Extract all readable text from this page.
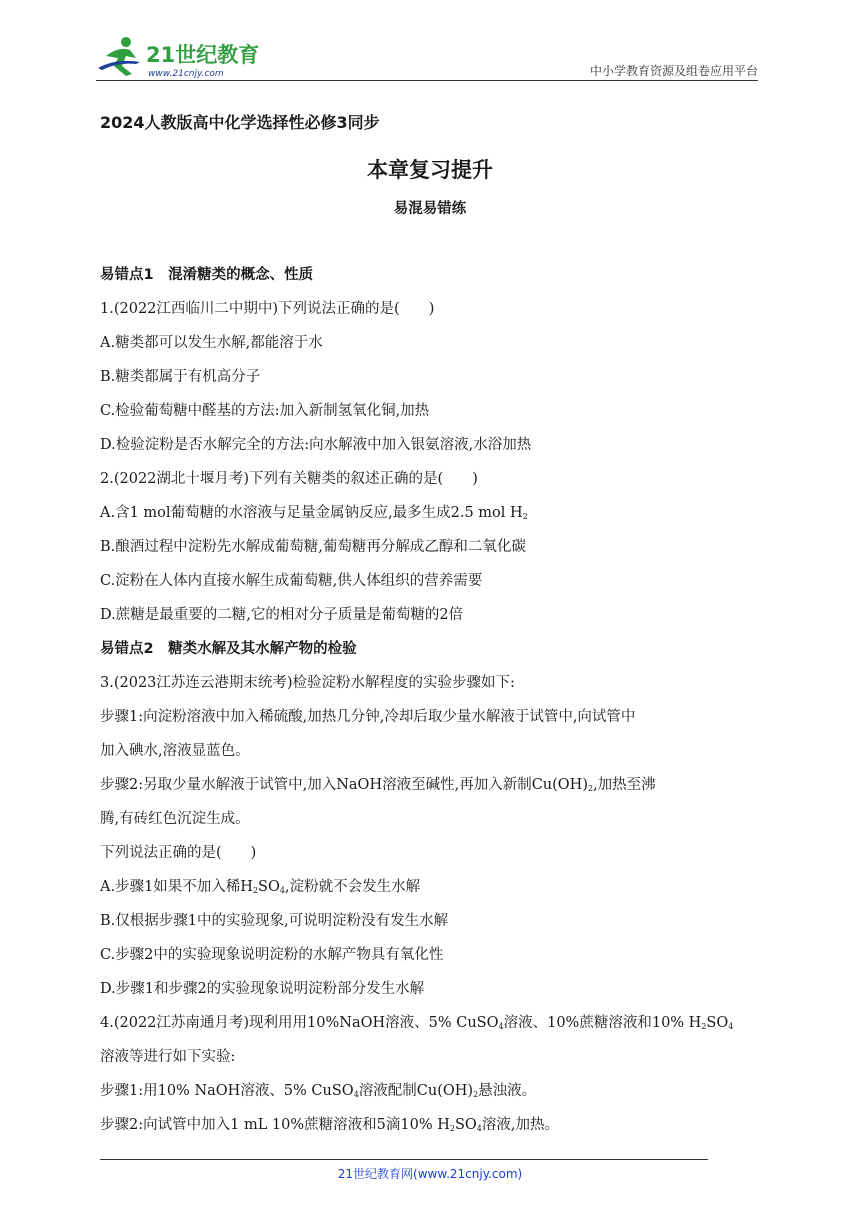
21世纪教育
www.21cnjy.com	中小学教育资源及组卷应用平台
2024人教版高中化学选择性必修3同步
本章复习提升
易混易错练
易错点1　混淆糖类的概念、性质
1.(2022江西临川二中期中)下列说法正确的是(　　)
A.糖类都可以发生水解,都能溶于水
B.糖类都属于有机高分子
C.检验葡萄糖中醛基的方法:加入新制氢氧化铜,加热
D.检验淀粉是否水解完全的方法:向水解液中加入银氨溶液,水浴加热
2.(2022湖北十堰月考)下列有关糖类的叙述正确的是(　　)
A.含1 mol葡萄糖的水溶液与足量金属钠反应,最多生成2.5 mol $H_2$
B.酿酒过程中淀粉先水解成葡萄糖,葡萄糖再分解成乙醇和二氧化碳
C.淀粉在人体内直接水解生成葡萄糖,供人体组织的营养需要
D.蔗糖是最重要的二糖,它的相对分子质量是葡萄糖的2倍
易错点2　糖类水解及其水解产物的检验
3.(2023江苏连云港期末统考)检验淀粉水解程度的实验步骤如下:
步骤1:向淀粉溶液中加入稀硫酸,加热几分钟,冷却后取少量水解液于试管中,向试管中
加入碘水,溶液显蓝色。
步骤2:另取少量水解液于试管中,加入NaOH溶液至碱性,再加入新制$Cu(OH)_2$,加热至沸
腾,有砖红色沉淀生成。
下列说法正确的是(　　)
A.步骤1如果不加入稀$H_2SO_4$,淀粉就不会发生水解
B.仅根据步骤1中的实验现象,可说明淀粉没有发生水解
C.步骤2中的实验现象说明淀粉的水解产物具有氧化性
D.步骤1和步骤2的实验现象说明淀粉部分发生水解
4.(2022江苏南通月考)现利用用10%NaOH溶液、5% CuSO$_4$溶液、10%蔗糖溶液和10% $H_2SO_4$
溶液等进行如下实验:
步骤1:用10% NaOH溶液、5% CuSO$_4$溶液配制$Cu(OH)_2$悬浊液。
步骤2:向试管中加入1 mL 10%蔗糖溶液和5滴10% $H_2SO_4$溶液,加热。
21世纪教育网(www.21cnjy.com)
